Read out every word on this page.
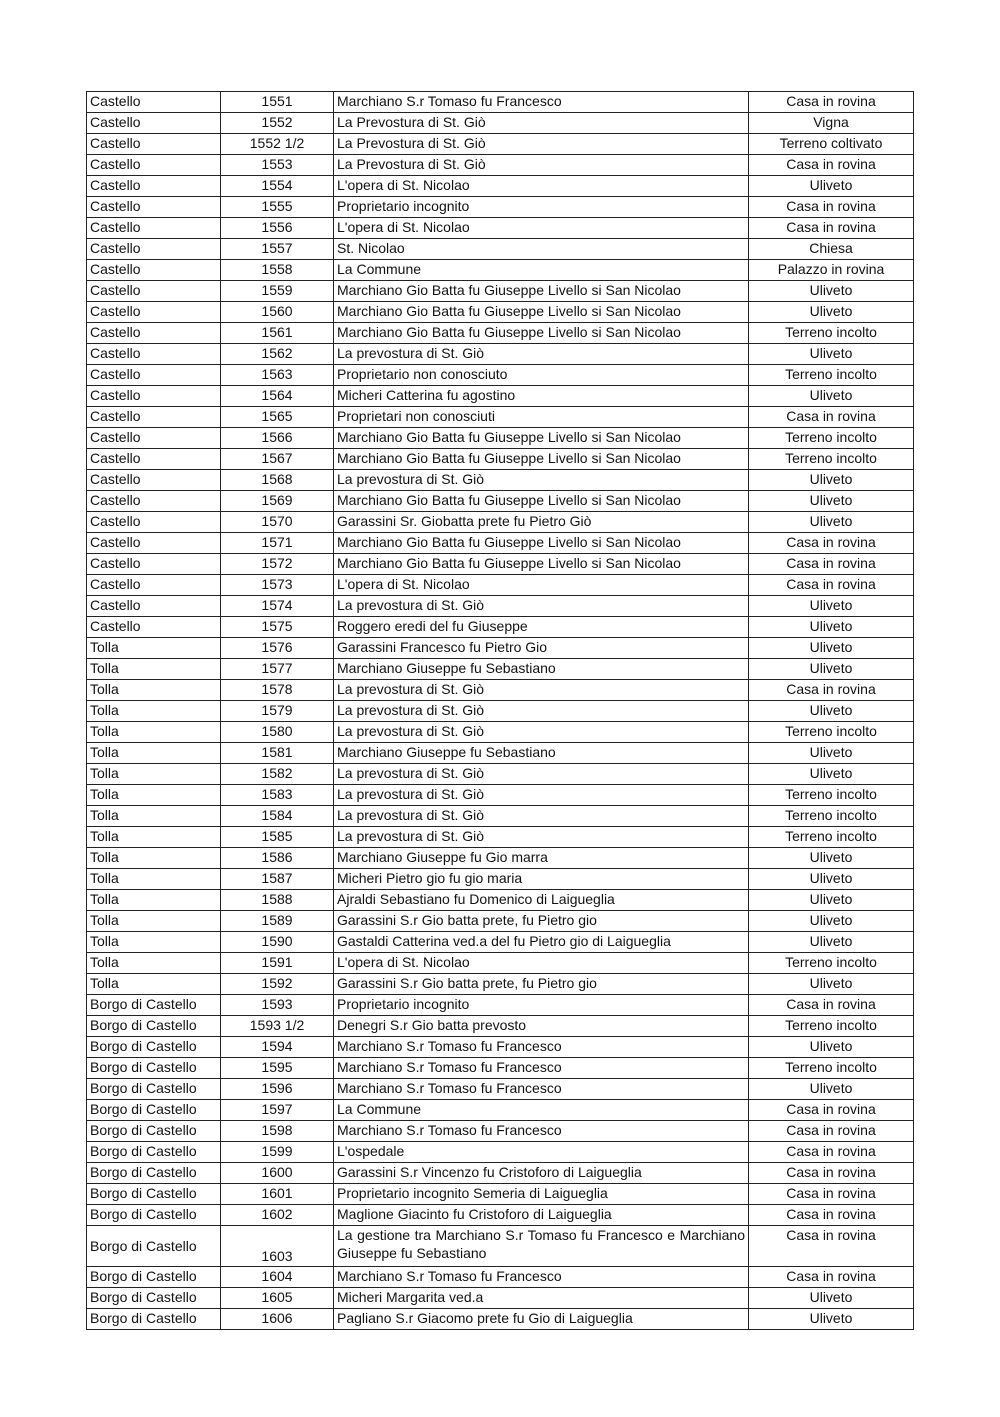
Castello	1551	Marchiano S.r Tomaso fu Francesco	Casa in rovina
Castello	1552	La Prevostura di St. Giò	Vigna
Castello	1552 1/2	La Prevostura di St. Giò	Terreno coltivato
Castello	1553	La Prevostura di St. Giò	Casa in rovina
Castello	1554	L'opera di St. Nicolao	Uliveto
Castello	1555	Proprietario incognito	Casa in rovina
Castello	1556	L'opera di St. Nicolao	Casa in rovina
Castello	1557	St. Nicolao	Chiesa
Castello	1558	La Commune	Palazzo in rovina
Castello	1559	Marchiano Gio Batta fu Giuseppe Livello si San Nicolao	Uliveto
Castello	1560	Marchiano Gio Batta fu Giuseppe Livello si San Nicolao	Uliveto
Castello	1561	Marchiano Gio Batta fu Giuseppe Livello si San Nicolao	Terreno incolto
Castello	1562	La prevostura di St. Giò	Uliveto
Castello	1563	Proprietario non conosciuto	Terreno incolto
Castello	1564	Micheri Catterina fu agostino	Uliveto
Castello	1565	Proprietari non conosciuti	Casa in rovina
Castello	1566	Marchiano Gio Batta fu Giuseppe Livello si San Nicolao	Terreno incolto
Castello	1567	Marchiano Gio Batta fu Giuseppe Livello si San Nicolao	Terreno incolto
Castello	1568	La prevostura di St. Giò	Uliveto
Castello	1569	Marchiano Gio Batta fu Giuseppe Livello si San Nicolao	Uliveto
Castello	1570	Garassini Sr. Giobatta prete fu Pietro Giò	Uliveto
Castello	1571	Marchiano Gio Batta fu Giuseppe Livello si San Nicolao	Casa in rovina
Castello	1572	Marchiano Gio Batta fu Giuseppe Livello si San Nicolao	Casa in rovina
Castello	1573	L'opera di St. Nicolao	Casa in rovina
Castello	1574	La prevostura di St. Giò	Uliveto
Castello	1575	Roggero eredi del fu Giuseppe	Uliveto
Tolla	1576	Garassini Francesco fu Pietro Gio	Uliveto
Tolla	1577	Marchiano Giuseppe fu Sebastiano	Uliveto
Tolla	1578	La prevostura di St. Giò	Casa in rovina
Tolla	1579	La prevostura di St. Giò	Uliveto
Tolla	1580	La prevostura di St. Giò	Terreno incolto
Tolla	1581	Marchiano Giuseppe fu Sebastiano	Uliveto
Tolla	1582	La prevostura di St. Giò	Uliveto
Tolla	1583	La prevostura di St. Giò	Terreno incolto
Tolla	1584	La prevostura di St. Giò	Terreno incolto
Tolla	1585	La prevostura di St. Giò	Terreno incolto
Tolla	1586	Marchiano Giuseppe fu Gio marra	Uliveto
Tolla	1587	Micheri Pietro gio fu gio maria	Uliveto
Tolla	1588	Ajraldi Sebastiano fu Domenico di Laigueglia	Uliveto
Tolla	1589	Garassini S.r Gio batta prete, fu Pietro gio	Uliveto
Tolla	1590	Gastaldi Catterina ved.a del fu Pietro gio di Laigueglia	Uliveto
Tolla	1591	L'opera di St. Nicolao	Terreno incolto
Tolla	1592	Garassini S.r Gio batta prete, fu Pietro gio	Uliveto
Borgo di Castello	1593	Proprietario incognito	Casa in rovina
Borgo di Castello	1593 1/2	Denegri S.r Gio batta prevosto	Terreno incolto
Borgo di Castello	1594	Marchiano S.r Tomaso fu Francesco	Uliveto
Borgo di Castello	1595	Marchiano S.r Tomaso fu Francesco	Terreno incolto
Borgo di Castello	1596	Marchiano S.r Tomaso fu Francesco	Uliveto
Borgo di Castello	1597	La Commune	Casa in rovina
Borgo di Castello	1598	Marchiano S.r Tomaso fu Francesco	Casa in rovina
Borgo di Castello	1599	L'ospedale	Casa in rovina
Borgo di Castello	1600	Garassini S.r Vincenzo fu Cristoforo di Laigueglia	Casa in rovina
Borgo di Castello	1601	Proprietario incognito Semeria di Laigueglia	Casa in rovina
Borgo di Castello	1602	Maglione Giacinto fu Cristoforo di Laigueglia	Casa in rovina
Borgo di Castello	1603	La gestione tra Marchiano S.r Tomaso fu Francesco e Marchiano Giuseppe fu Sebastiano	Casa in rovina
Borgo di Castello	1604	Marchiano S.r Tomaso fu Francesco	Casa in rovina
Borgo di Castello	1605	Micheri Margarita ved.a	Uliveto
Borgo di Castello	1606	Pagliano S.r Giacomo prete fu Gio di Laigueglia	Uliveto
